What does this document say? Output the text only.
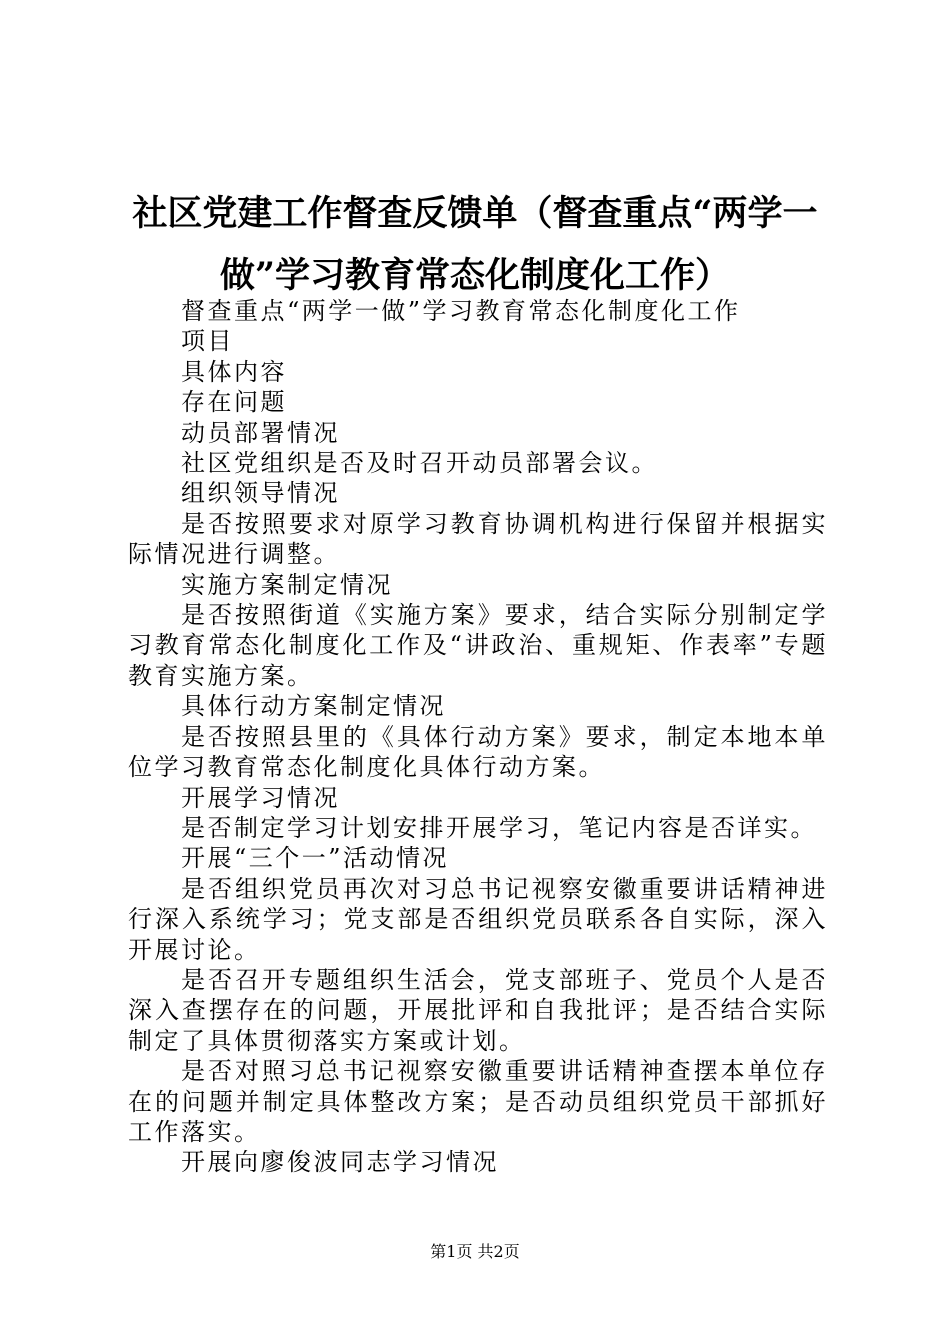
社区党建工作督查反馈单（督查重点“两学一
做”学习教育常态化制度化工作）

督查重点“两学一做”学习教育常态化制度化工作

项目

具体内容

存在问题

动员部署情况

社区党组织是否及时召开动员部署会议。

组织领导情况

是否按照要求对原学习教育协调机构进行保留并根据实际情况进行调整。

实施方案制定情况

是否按照街道《实施方案》要求，结合实际分别制定学习教育常态化制度化工作及“讲政治、重规矩、作表率”专题教育实施方案。

具体行动方案制定情况

是否按照县里的《具体行动方案》要求，制定本地本单位学习教育常态化制度化具体行动方案。

开展学习情况

是否制定学习计划安排开展学习，笔记内容是否详实。

开展“三个一”活动情况

是否组织党员再次对习总书记视察安徽重要讲话精神进行深入系统学习；党支部是否组织党员联系各自实际，深入开展讨论。

是否召开专题组织生活会，党支部班子、党员个人是否深入查摆存在的问题，开展批评和自我批评；是否结合实际制定了具体贯彻落实方案或计划。

是否对照习总书记视察安徽重要讲话精神查摆本单位存在的问题并制定具体整改方案；是否动员组织党员干部抓好工作落实。

开展向廖俊波同志学习情况

第1页 共2页
